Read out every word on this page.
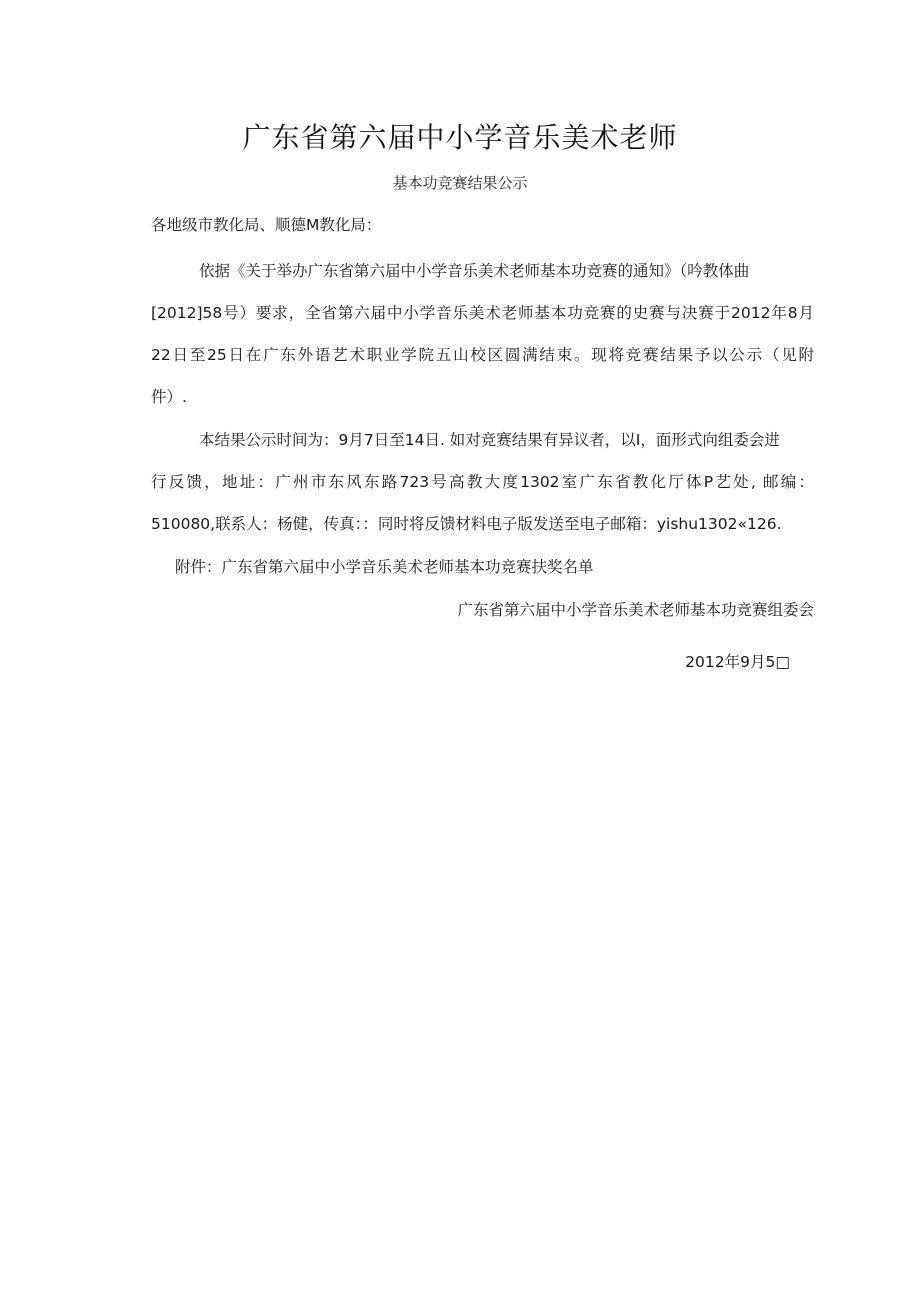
广东省第六届中小学音乐美术老师
基本功竞赛结果公示
各地级市教化局、顺德M教化局：
依据《关于举办广东省第六届中小学音乐美术老师基本功竞赛的通知》（吟教体曲
[2012]58号）要求，全省第六届中小学音乐美术老师基本功竞赛的史赛与决赛于2012年8月
22日至25日在广东外语艺术职业学院五山校区圆满结束。现将竞赛结果予以公示（见附
件）.
本结果公示时间为：9月7日至14日. 如对竞赛结果有异议者，以I，面形式向组委会进
行反馈，地址：广州市东风东路723号高教大度1302室广东省教化厅体P艺处, 邮编：
510080,联系人：杨健，传真：：同时将反馈材料电子版发送至电子邮箱：yishu1302«126.
附件：广东省第六届中小学音乐美术老师基本功竞赛扶奖名单
广东省第六届中小学音乐美术老师基本功竞赛组委会
2012年9月5□
